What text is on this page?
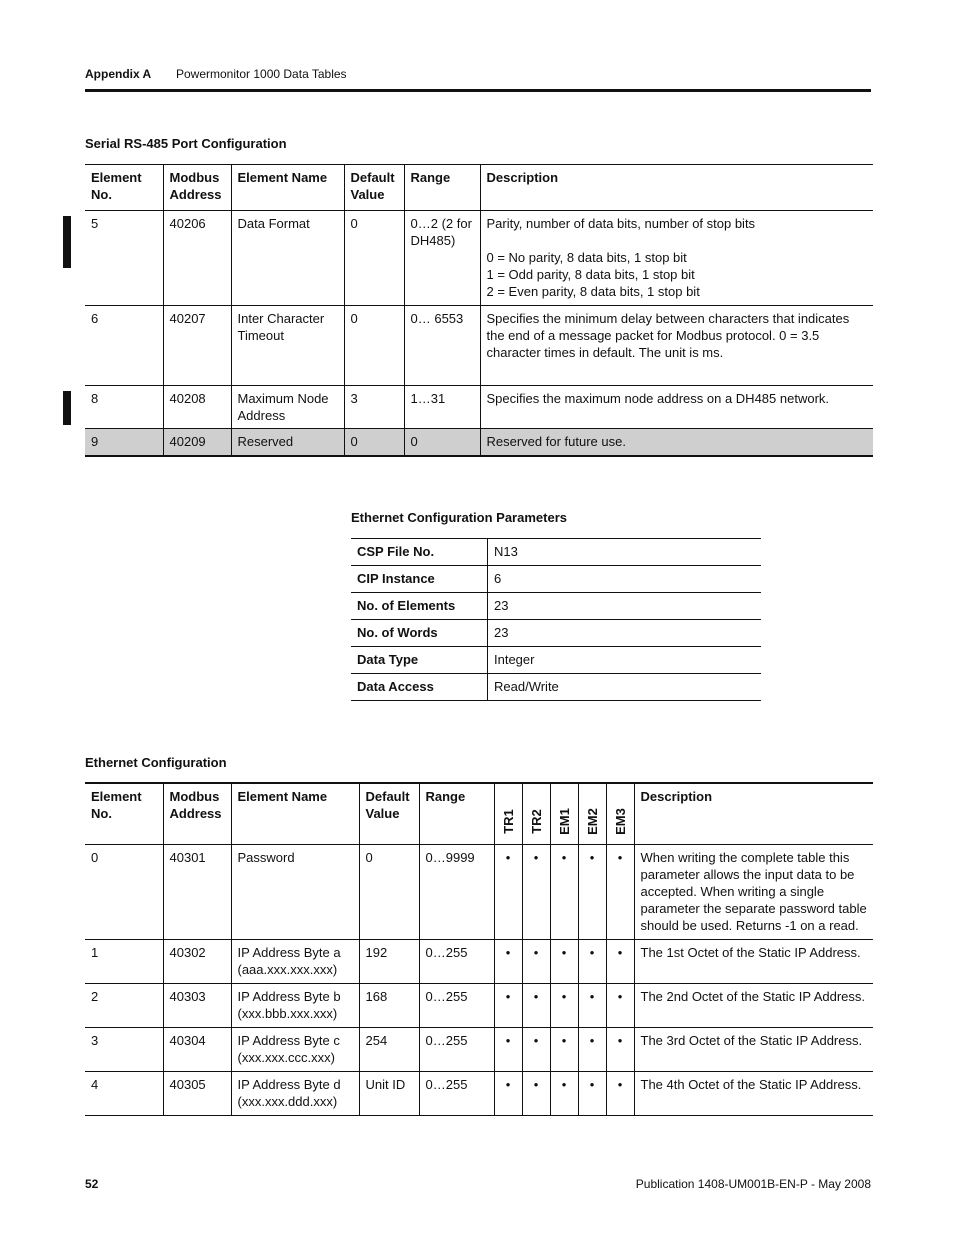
Appendix A Powermonitor 1000 Data Tables
Serial RS-485 Port Configuration
Element No.	Modbus Address	Element Name	Default Value	Range	Description
5	40206	Data Format	0	0…2 (2 for DH485)	Parity, number of data bits, number of stop bits
0 = No parity, 8 data bits, 1 stop bit
1 = Odd parity, 8 data bits, 1 stop bit
2 = Even parity, 8 data bits, 1 stop bit

6	40207	Inter Character Timeout	0	0… 6553	Specifies the minimum delay between characters that indicates the end of a message packet for Modbus protocol. 0 = 3.5 character times in default. The unit is ms.
8	40208	Maximum Node Address	3	1…31	Specifies the maximum node address on a DH485 network.
9	40209	Reserved	0	0	Reserved for future use.
Ethernet Configuration Parameters
CSP File No.	N13
CIP Instance	6
No. of Elements	23
No. of Words	23
Data Type	Integer
Data Access	Read/Write
Ethernet Configuration
Element No.	Modbus Address	Element Name	Default Value	Range	TR1	TR2	EM1	EM2	EM3	Description
0	40301	Password	0	0…9999	•	•	•	•	•	When writing the complete table this parameter allows the input data to be accepted. When writing a single parameter the separate password table should be used. Returns -1 on a read.
1	40302	IP Address Byte a (aaa.xxx.xxx.xxx)	192	0…255	•	•	•	•	•	The 1st Octet of the Static IP Address.
2	40303	IP Address Byte b (xxx.bbb.xxx.xxx)	168	0…255	•	•	•	•	•	The 2nd Octet of the Static IP Address.
3	40304	IP Address Byte c (xxx.xxx.ccc.xxx)	254	0…255	•	•	•	•	•	The 3rd Octet of the Static IP Address.
4	40305	IP Address Byte d (xxx.xxx.ddd.xxx)	Unit ID	0…255	•	•	•	•	•	The 4th Octet of the Static IP Address.
52	Publication 1408-UM001B-EN-P - May 2008
